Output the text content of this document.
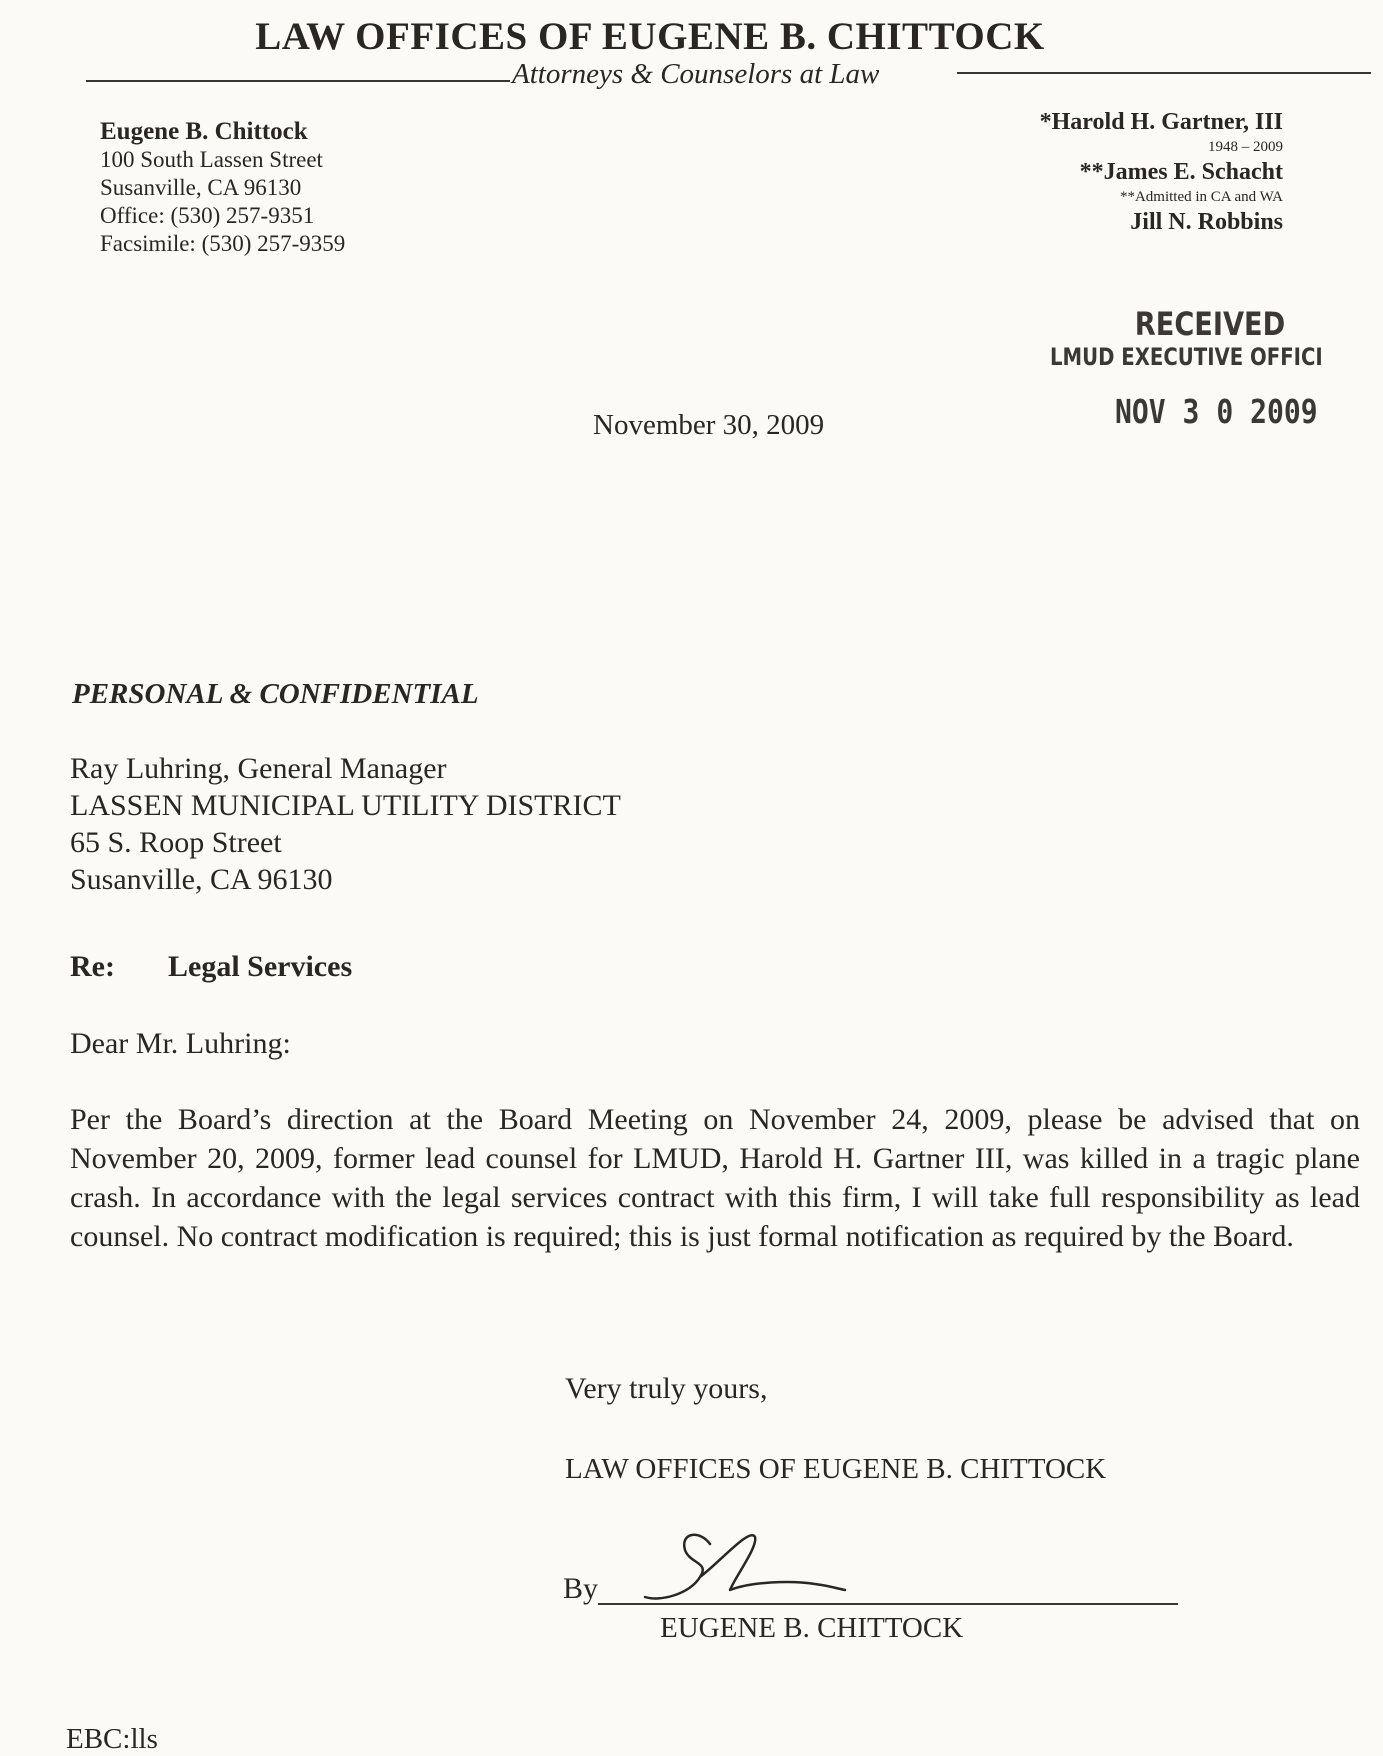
LAW OFFICES OF EUGENE B. CHITTOCK
Attorneys & Counselors at Law
Eugene B. Chittock
100 South Lassen Street
Susanville, CA 96130
Office: (530) 257-9351
Facsimile: (530) 257-9359
*Harold H. Gartner, III
1948 – 2009
**James E. Schacht
**Admitted in CA and WA
Jill N. Robbins
RECEIVED
LMUD EXECUTIVE OFFICI
NOV 3 0 2009
November 30, 2009
PERSONAL & CONFIDENTIAL
Ray Luhring, General Manager
LASSEN MUNICIPAL UTILITY DISTRICT
65 S. Roop Street
Susanville, CA 96130
Re: Legal Services
Dear Mr. Luhring:
Per the Board’s direction at the Board Meeting on November 24, 2009, please be advised that on November 20, 2009, former lead counsel for LMUD, Harold H. Gartner III, was killed in a tragic plane crash. In accordance with the legal services contract with this firm, I will take full responsibility as lead counsel. No contract modification is required; this is just formal notification as required by the Board.
Very truly yours,
LAW OFFICES OF EUGENE B. CHITTOCK
By
EUGENE B. CHITTOCK
EBC:lls
